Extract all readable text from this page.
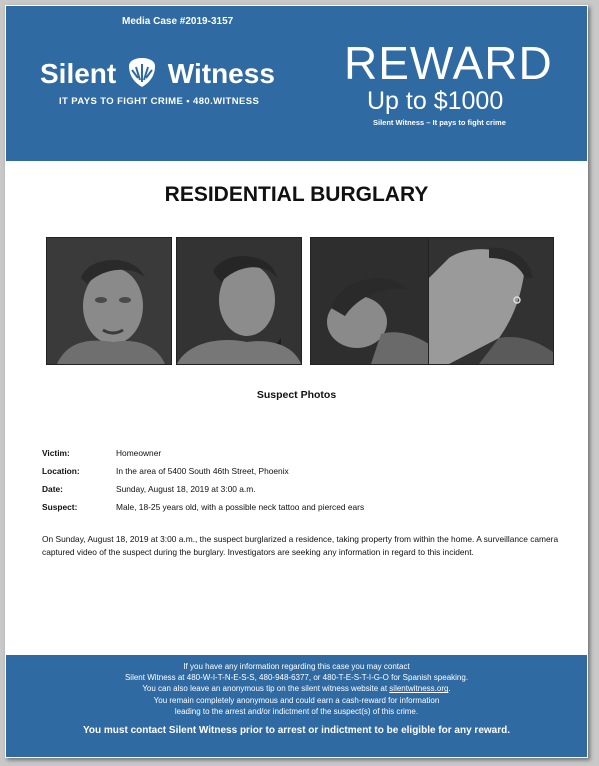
Media Case #2019-3157
Silent Witness
IT PAYS TO FIGHT CRIME • 480.WITNESS
REWARD
Up to $1000
Silent Witness – It pays to fight crime
RESIDENTIAL BURGLARY
Suspect Photos
Victim:	Homeowner
Location:	In the area of 5400 South 46th Street, Phoenix
Date:	Sunday, August 18, 2019 at 3:00 a.m.
Suspect:	Male, 18-25 years old, with a possible neck tattoo and pierced ears
On Sunday, August 18, 2019 at 3:00 a.m., the suspect burglarized a residence, taking property from within the home. A surveillance camera captured video of the suspect during the burglary. Investigators are seeking any information in regard to this incident.
If you have any information regarding this case you may contact
Silent Witness at 480-W-I-T-N-E-S-S, 480-948-6377, or 480-T-E-S-T-I-G-O for Spanish speaking.
You can also leave an anonymous tip on the silent witness website at silentwitness.org.
You remain completely anonymous and could earn a cash-reward for information
leading to the arrest and/or indictment of the suspect(s) of this crime.
You must contact Silent Witness prior to arrest or indictment to be eligible for any reward.
